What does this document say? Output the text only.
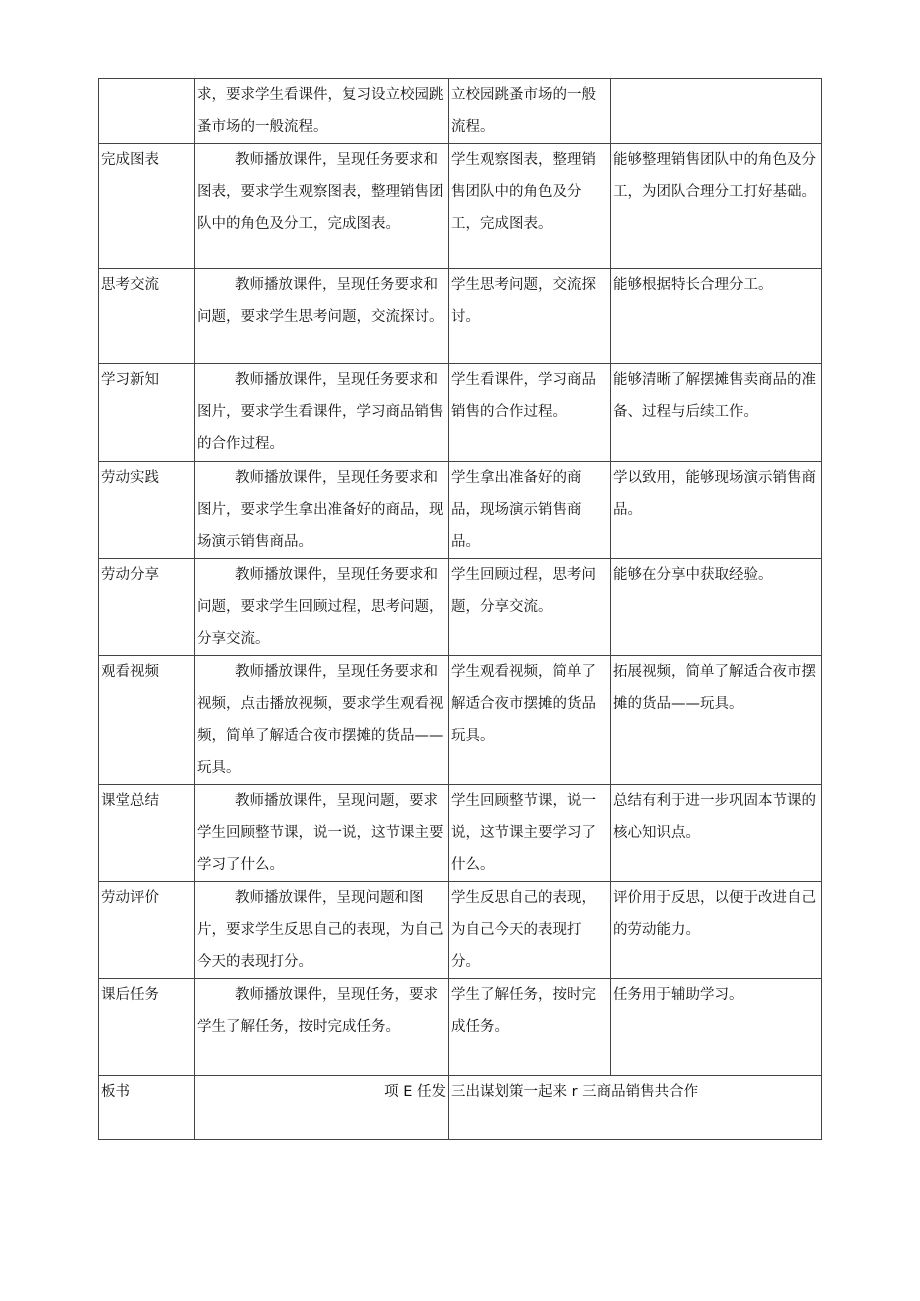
	求，要求学生看课件，复习设立校园跳蚤市场的一般流程。	立校园跳蚤市场的一般流程。	
完成图表	教师播放课件，呈现任务要求和图表，要求学生观察图表，整理销售团队中的角色及分工，完成图表。	学生观察图表，整理销售团队中的角色及分工，完成图表。	能够整理销售团队中的角色及分工，为团队合理分工打好基础。
思考交流	教师播放课件，呈现任务要求和问题，要求学生思考问题，交流探讨。	学生思考问题，交流探讨。	能够根据特长合理分工。
学习新知	教师播放课件，呈现任务要求和图片，要求学生看课件，学习商品销售的合作过程。	学生看课件，学习商品销售的合作过程。	能够清晰了解摆摊售卖商品的准备、过程与后续工作。
劳动实践	教师播放课件，呈现任务要求和图片，要求学生拿出准备好的商品，现场演示销售商品。	学生拿出准备好的商品，现场演示销售商品。	学以致用，能够现场演示销售商品。
劳动分享	教师播放课件，呈现任务要求和问题，要求学生回顾过程，思考问题，分享交流。	学生回顾过程，思考问题，分享交流。	能够在分享中获取经验。
观看视频	教师播放课件，呈现任务要求和视频，点击播放视频，要求学生观看视频，简单了解适合夜市摆摊的货品——玩具。	学生观看视频，简单了解适合夜市摆摊的货品玩具。	拓展视频，简单了解适合夜市摆摊的货品——玩具。
课堂总结	教师播放课件，呈现问题，要求学生回顾整节课，说一说，这节课主要学习了什么。	学生回顾整节课，说一说，这节课主要学习了什么。	总结有利于进一步巩固本节课的核心知识点。
劳动评价	教师播放课件，呈现问题和图片，要求学生反思自己的表现，为自己今天的表现打分。	学生反思自己的表现，为自己今天的表现打分。	评价用于反思，以便于改进自己的劳动能力。
课后任务	教师播放课件，呈现任务，要求学生了解任务，按时完成任务。	学生了解任务，按时完成任务。	任务用于辅助学习。
板书	项 E 任发	三出谋划策一起来 r 三商品销售共合作	
